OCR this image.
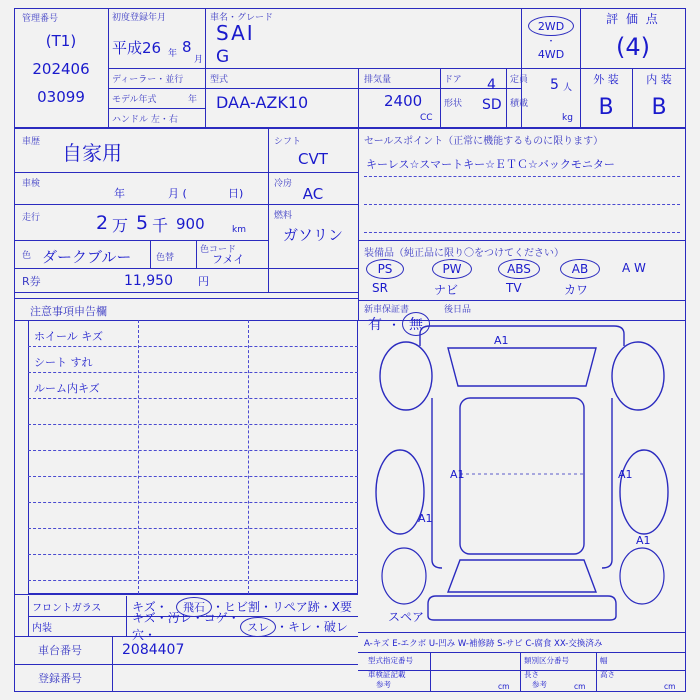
管理番号
(T1)
202406
03099
初度登録年月
平成26 年 8
月
ディーラー・並行
モデル年式	年
ハンドル 左・右
車名・グレード
SAI
G
型式
DAA-AZK10
排気量
2400
CC
ドア	4
形状	SD
定員	5 人
積載
kg
2WD
・
4WD
評 価 点
(4)
外 装	内 装
B	B
車歴	自家用
車検
年	月 (	日)
走行	2 万 5 千 900	km
色 ダークブルー	色替
色コード
フメイ
R券	11,950	円
シフト
CVT
冷房
AC
燃料
ガソリン
セールスポイント（正常に機能するものに限ります）
キーレス☆スマートキー☆ＥＴＣ☆バックモニター
装備品（純正品に限り〇をつけてください）
PS	PW	ABS	AB	A W
SR	ナビ	TV	カワ
新車保証書	後日品
有 ・ 無
注意事項申告欄
ホイール キズ
シート すれ
ルーム内キズ
A1
A1	A1
A1
A1
スペア
A-キズ E-エクボ U-凹み W-補修跡 S-サビ C-腐食 XX-交換済み
フロントガラス	キズ・	飛石 ・ヒビ割・リペア跡・X要
内装
キズ・汚レ・コゲ・穴・
スレ ・キレ・破レ
車台番号	2084407
登録番号
型式指定番号	類別区分番号
車検証記載
参考	参考
長さ
幅
高さ
cm	cm	cm
